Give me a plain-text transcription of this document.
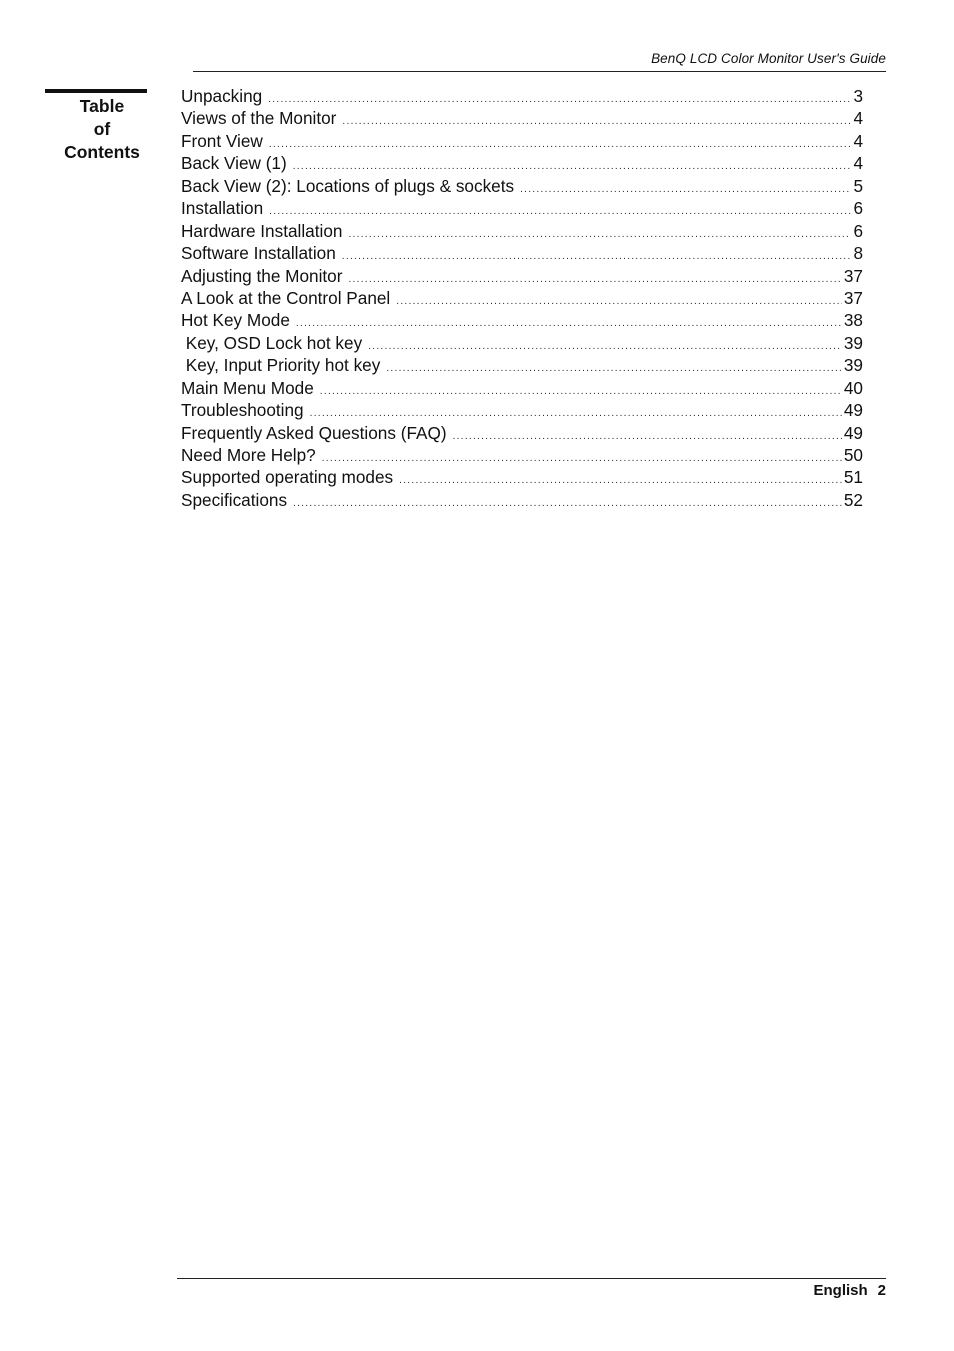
BenQ LCD Color Monitor User's Guide
Table
of
Contents
Unpacking .....	3
Views of the Monitor .....	4
Front View .....	4
Back View (1) .....	4
Back View (2): Locations of plugs & sockets .....	5
Installation .....	6
Hardware Installation .....	6
Software Installation .....	8
Adjusting the Monitor .....	37
A Look at the Control Panel .....	37
Hot Key Mode .....	38
Key, OSD Lock hot key .....	39
Key, Input Priority hot key .....	39
Main Menu Mode .....	40
Troubleshooting .....	49
Frequently Asked Questions (FAQ) .....	49
Need More Help? .....	50
Supported operating modes .....	51
Specifications .....	52
English 2
